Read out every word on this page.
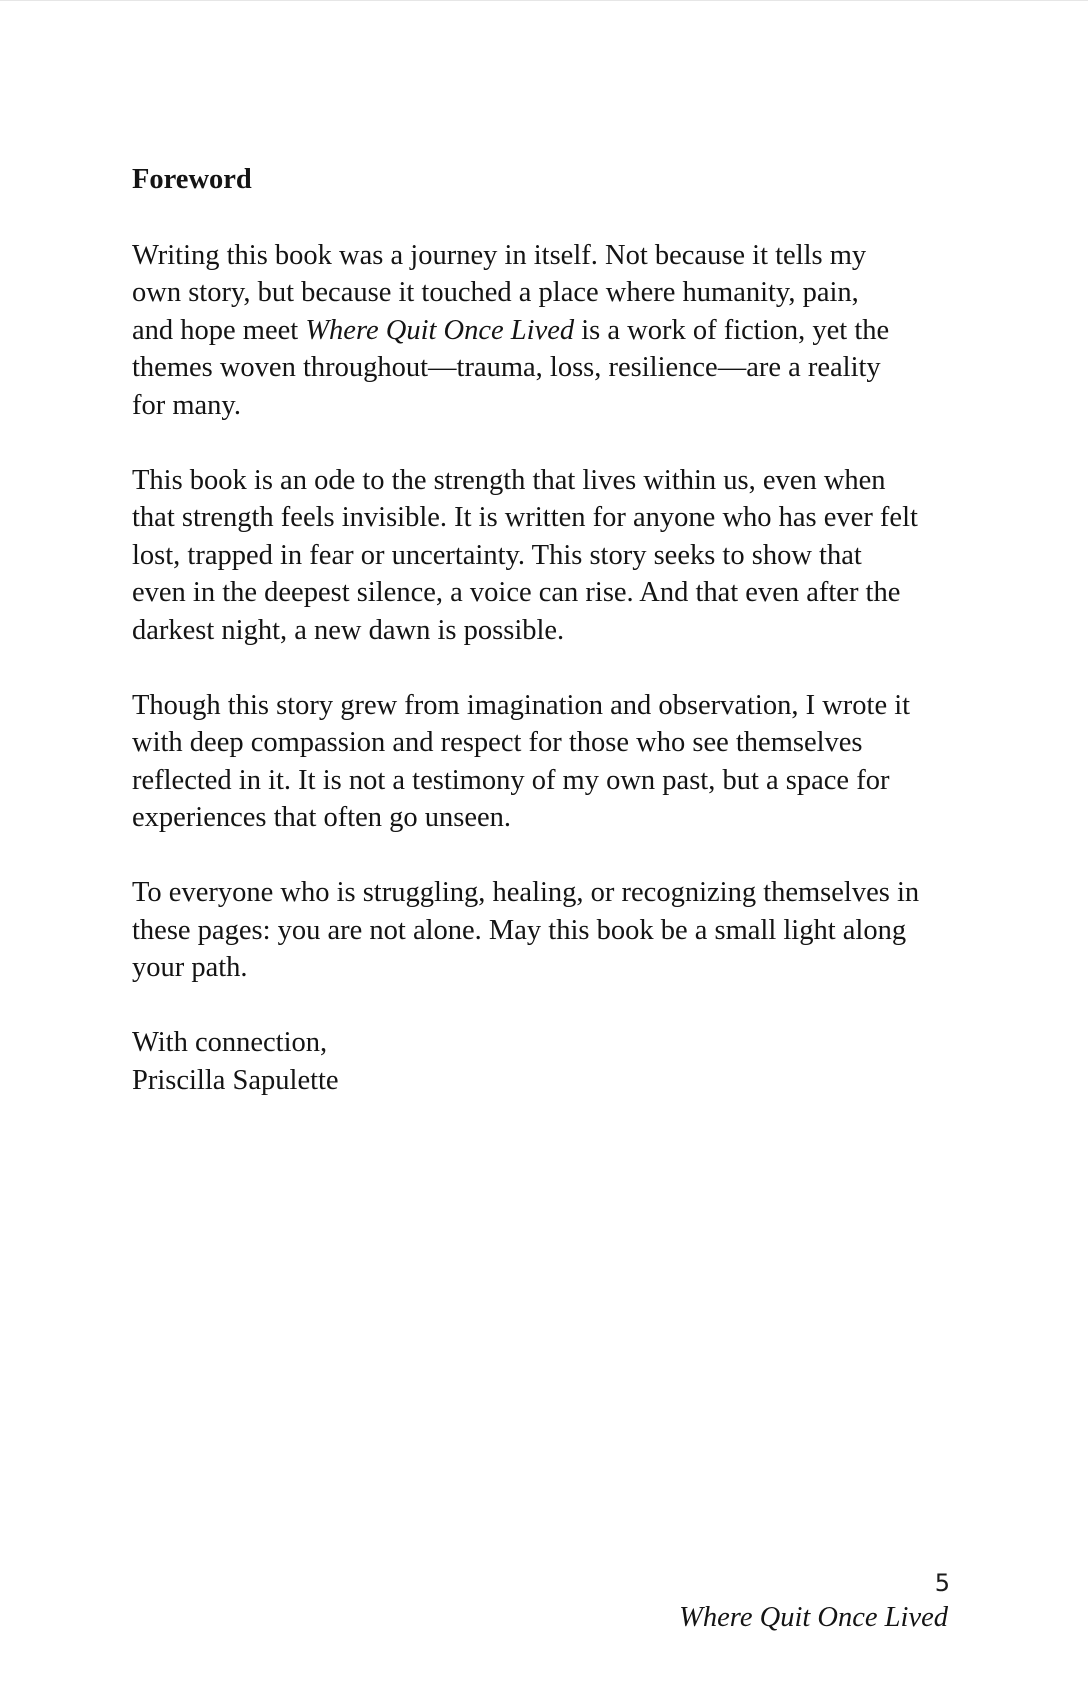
Foreword

Writing this book was a journey in itself. Not because it tells my own story, but because it touched a place where humanity, pain, and hope meet Where Quit Once Lived is a work of fiction, yet the themes woven throughout—trauma, loss, resilience—are a reality for many.

This book is an ode to the strength that lives within us, even when that strength feels invisible. It is written for anyone who has ever felt lost, trapped in fear or uncertainty. This story seeks to show that even in the deepest silence, a voice can rise. And that even after the darkest night, a new dawn is possible.

Though this story grew from imagination and observation, I wrote it with deep compassion and respect for those who see themselves reflected in it. It is not a testimony of my own past, but a space for experiences that often go unseen.

To everyone who is struggling, healing, or recognizing themselves in these pages: you are not alone. May this book be a small light along your path.

With connection,

Priscilla Sapulette

5
Where Quit Once Lived
